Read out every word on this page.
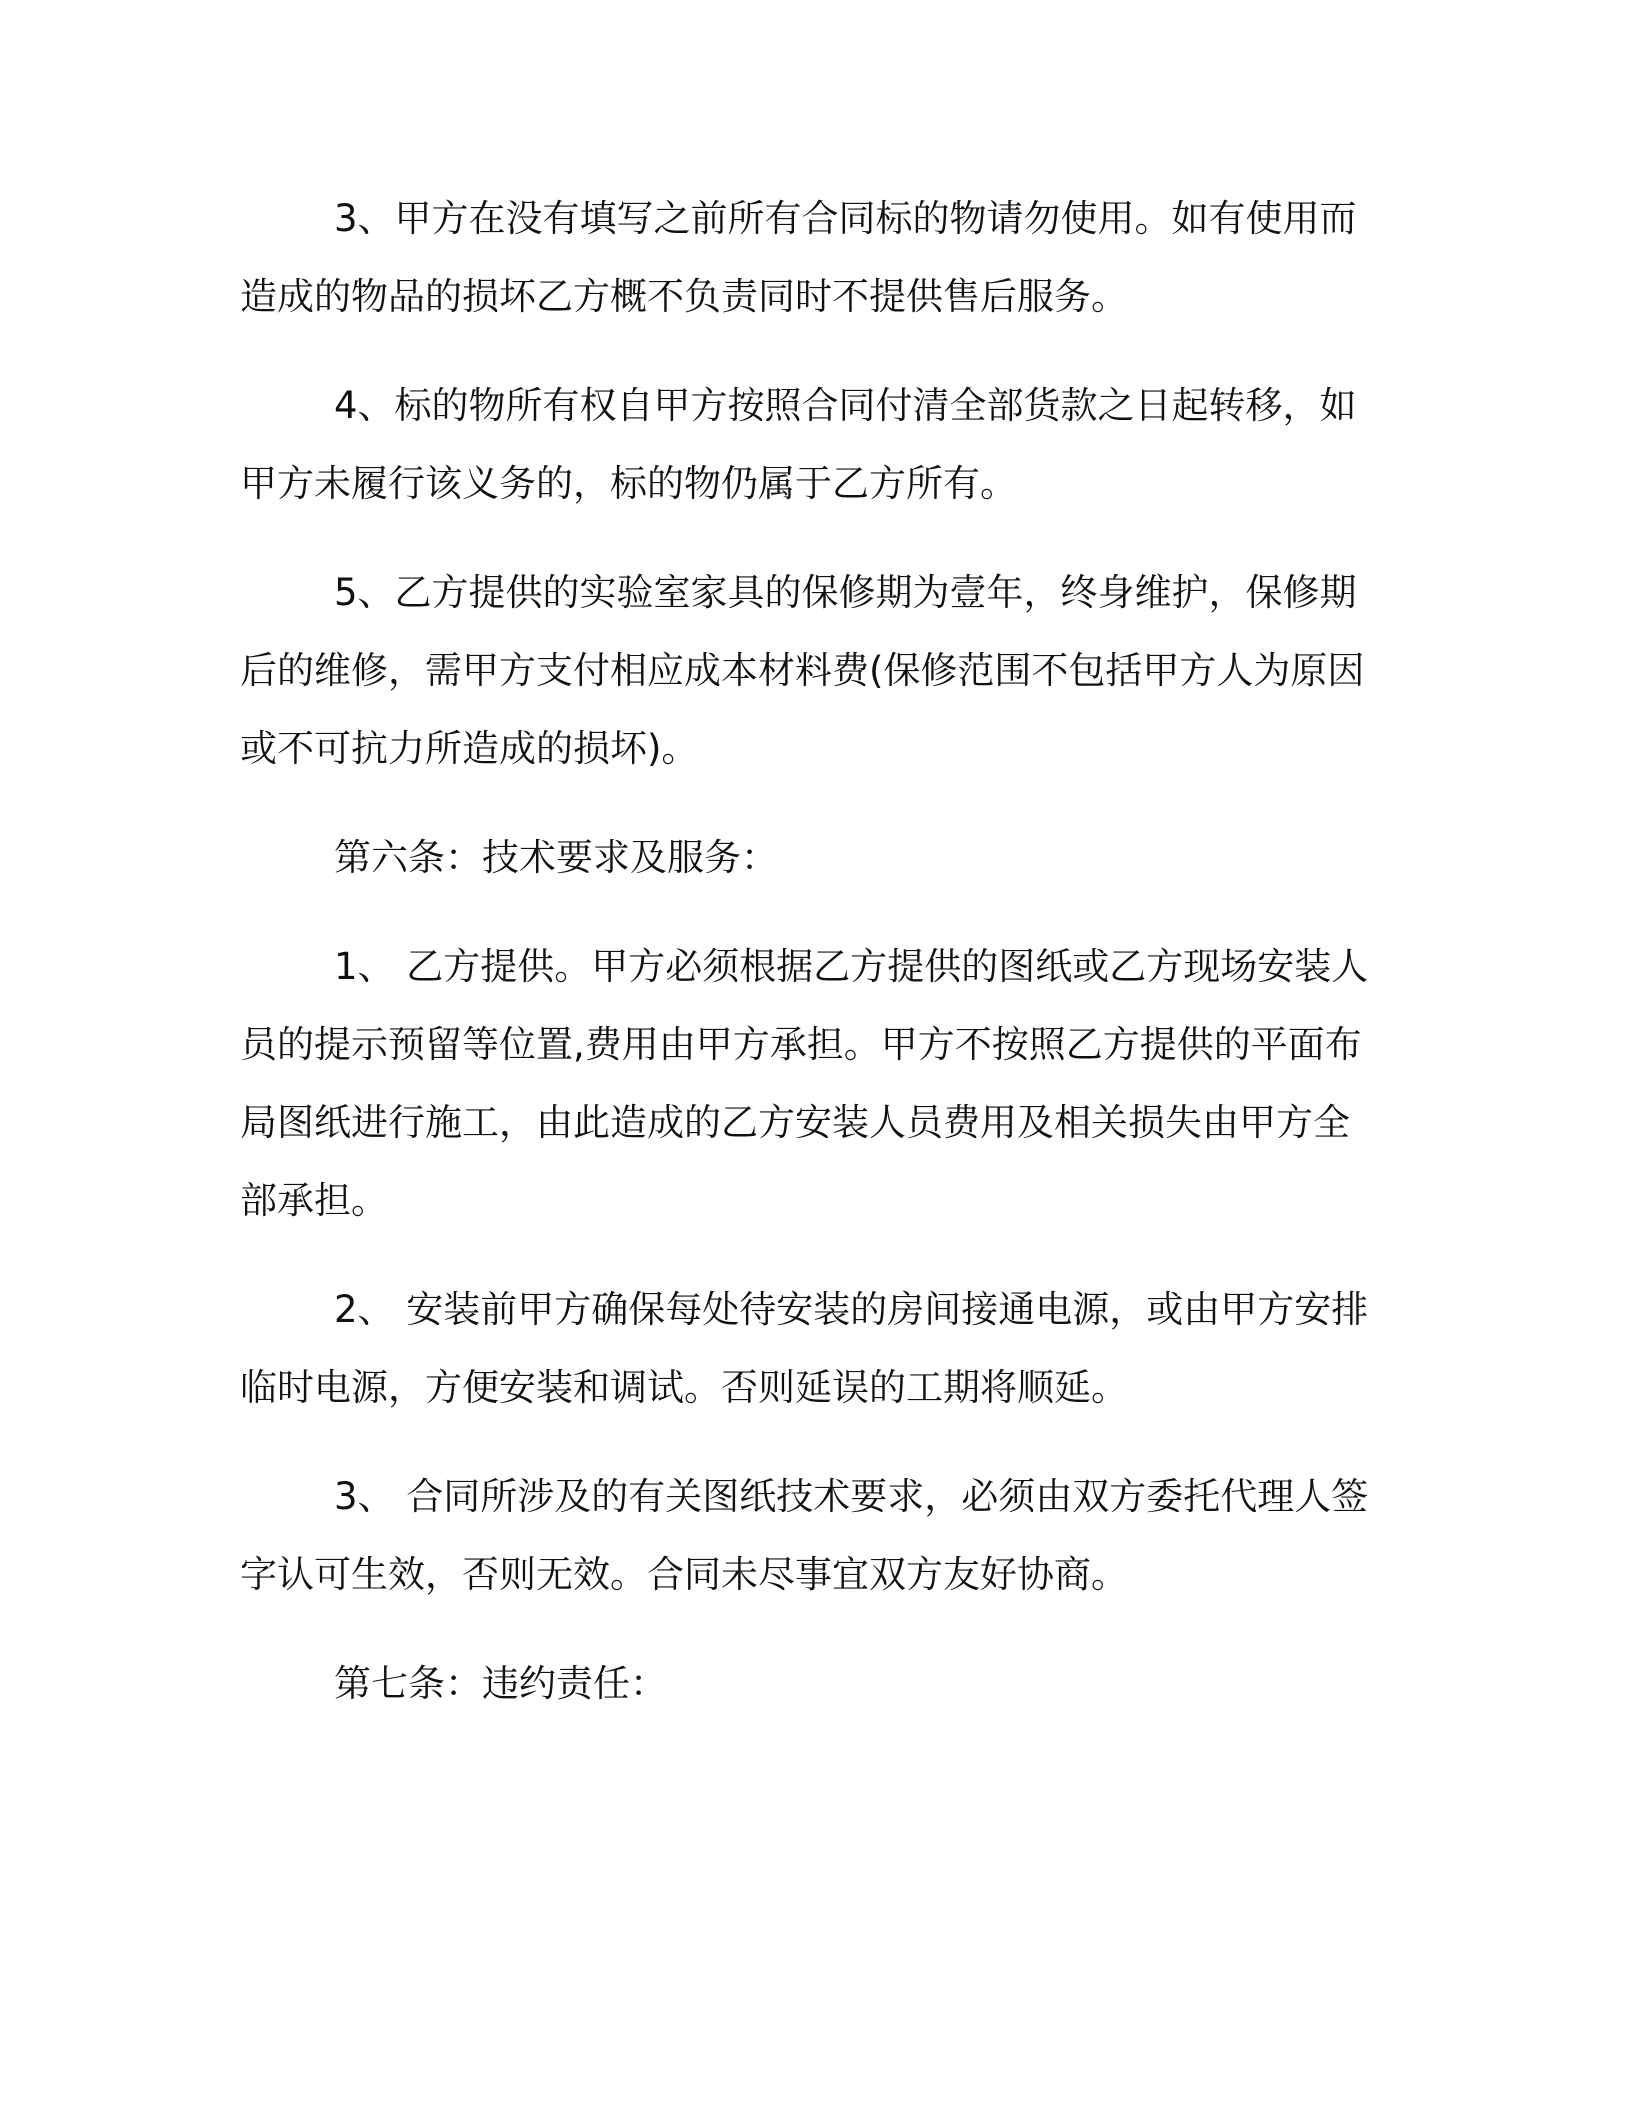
3、甲方在没有填写之前所有合同标的物请勿使用。如有使用而造成的物品的损坏乙方概不负责同时不提供售后服务。

4、标的物所有权自甲方按照合同付清全部货款之日起转移，如甲方未履行该义务的，标的物仍属于乙方所有。

5、乙方提供的实验室家具的保修期为壹年，终身维护，保修期后的维修，需甲方支付相应成本材料费(保修范围不包括甲方人为原因或不可抗力所造成的损坏)。

第六条：技术要求及服务：

1、 乙方提供。甲方必须根据乙方提供的图纸或乙方现场安装人员的提示预留等位置,费用由甲方承担。甲方不按照乙方提供的平面布局图纸进行施工，由此造成的乙方安装人员费用及相关损失由甲方全部承担。

2、 安装前甲方确保每处待安装的房间接通电源，或由甲方安排临时电源，方便安装和调试。否则延误的工期将顺延。

3、 合同所涉及的有关图纸技术要求，必须由双方委托代理人签字认可生效，否则无效。合同未尽事宜双方友好协商。

第七条：违约责任：
